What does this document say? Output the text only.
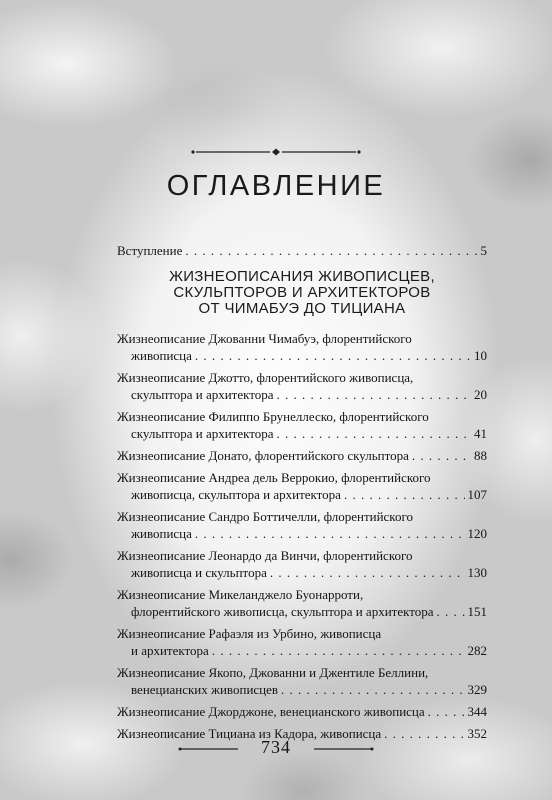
ОГЛАВЛЕНИЕ
Вступление . . .	5
ЖИЗНЕОПИСАНИЯ ЖИВОПИСЦЕВ,
СКУЛЬПТОРОВ И АРХИТЕКТОРОВ
ОТ ЧИМАБУЭ ДО ТИЦИАНА
Жизнеописание Джованни Чимабуэ, флорентийского
живописца . . .	10
Жизнеописание Джотто, флорентийского живописца,
скульптора и архитектора . . .	20
Жизнеописание Филиппо Брунеллеско, флорентийского
скульптора и архитектора . . .	41
Жизнеописание Донато, флорентийского скульптора . . .	88
Жизнеописание Андреа дель Веррокио, флорентийского
живописца, скульптора и архитектора . . .	107
Жизнеописание Сандро Боттичелли, флорентийского
живописца . . .	120
Жизнеописание Леонардо да Винчи, флорентийского
живописца и скульптора . . .	130
Жизнеописание Микеланджело Буонарроти,
флорентийского живописца, скульптора и архитектора . . .	151
Жизнеописание Рафаэля из Урбино, живописца
и архитектора . . .	282
Жизнеописание Якопо, Джованни и Джентиле Беллини,
венецианских живописцев . . .	329
Жизнеописание Джорджоне, венецианского живописца . . .	344
Жизнеописание Тициана из Кадора, живописца . . .	352
734
